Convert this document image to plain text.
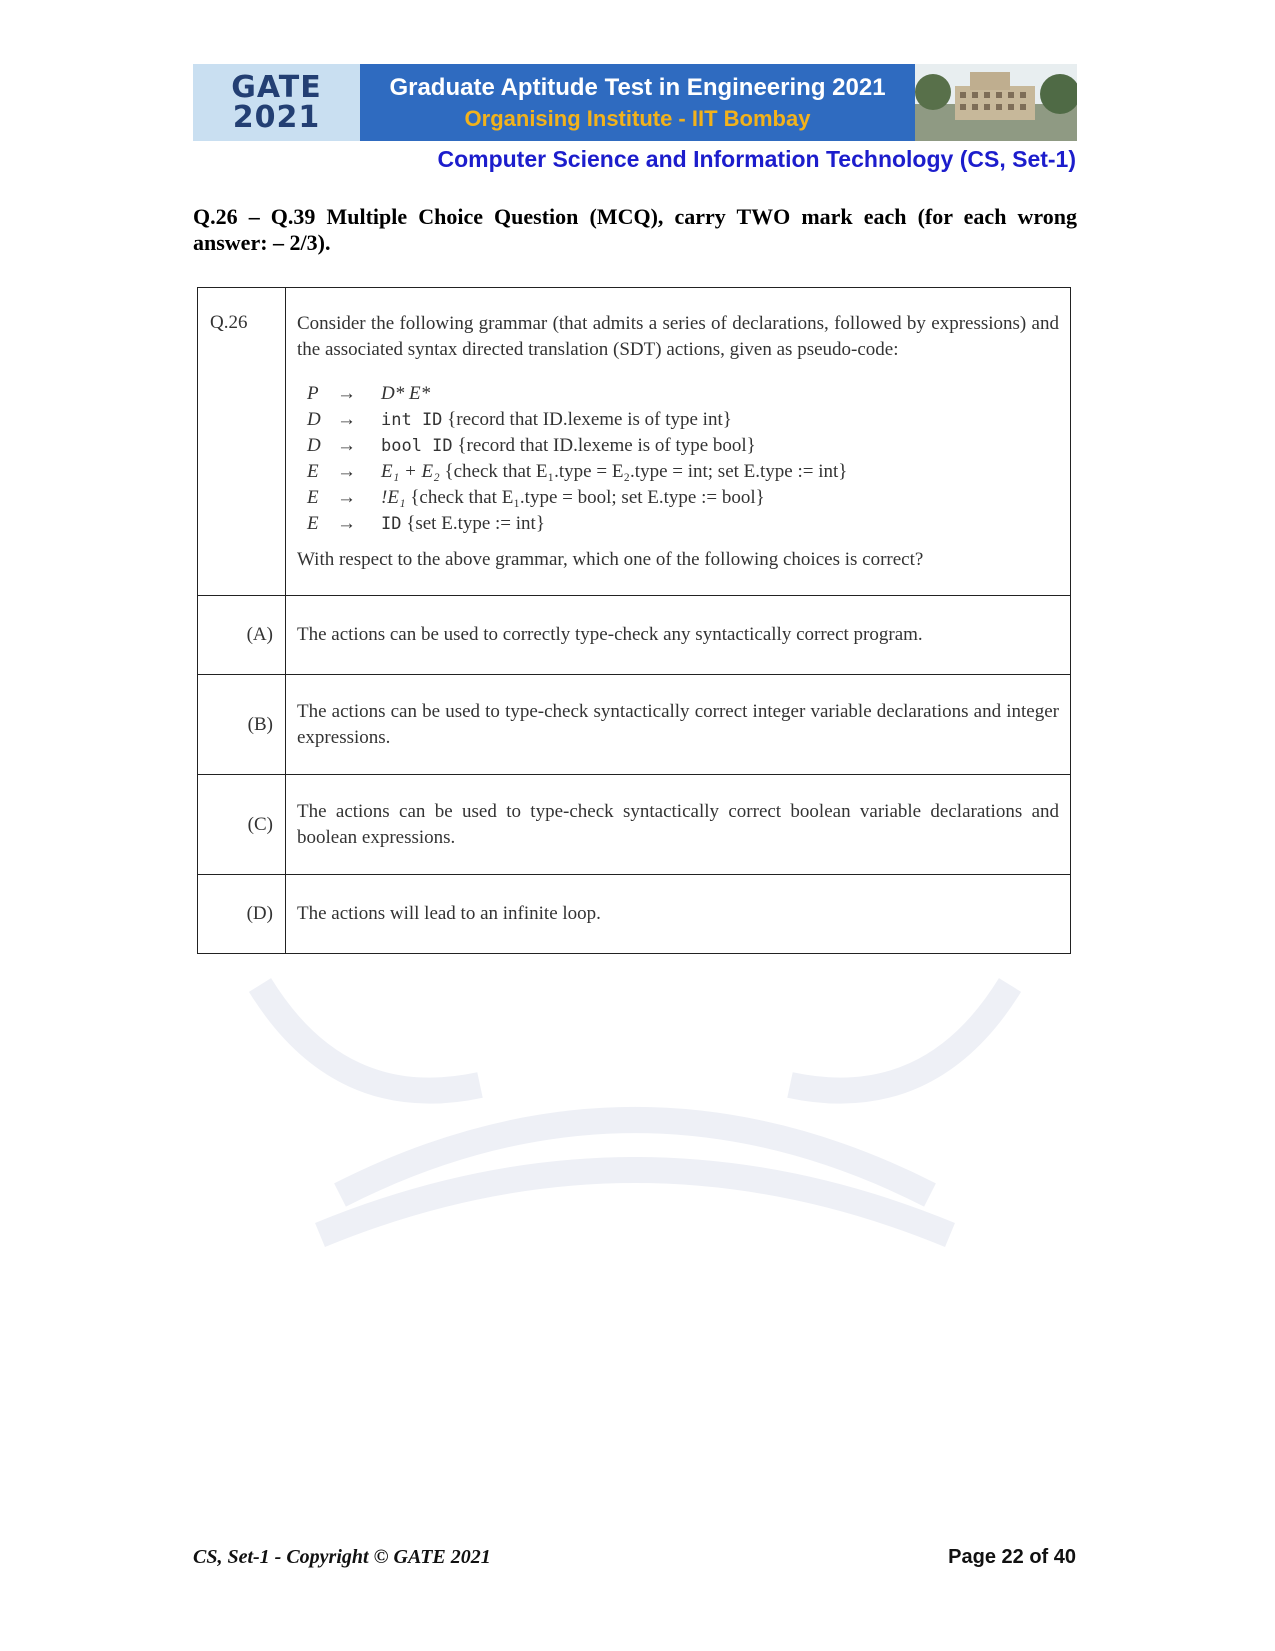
GATE
2021
Graduate Aptitude Test in Engineering 2021
Organising Institute - IIT Bombay
Computer Science and Information Technology (CS, Set-1)
Q.26 – Q.39 Multiple Choice Question (MCQ), carry TWO mark each (for each wrong answer: – 2/3).
Q.26	Consider the following grammar (that admits a series of declarations, followed by expressions) and the associated syntax directed translation (SDT) actions, given as pseudo-code:
P	→	D* E*
D	→	int ID {record that ID.lexeme is of type int}
D	→	bool ID {record that ID.lexeme is of type bool}
E	→	E₁ + E₂ {check that E₁.type = E₂.type = int; set E.type := int}
E	→	!E₁ {check that E₁.type = bool; set E.type := bool}
E	→	ID {set E.type := int}
With respect to the above grammar, which one of the following choices is correct?

(A)	The actions can be used to correctly type-check any syntactically correct program.
(B)	The actions can be used to type-check syntactically correct integer variable declarations and integer expressions.
(C)	The actions can be used to type-check syntactically correct boolean variable declarations and boolean expressions.
(D)	The actions will lead to an infinite loop.
CS, Set-1 - Copyright © GATE 2021	Page 22 of 40
